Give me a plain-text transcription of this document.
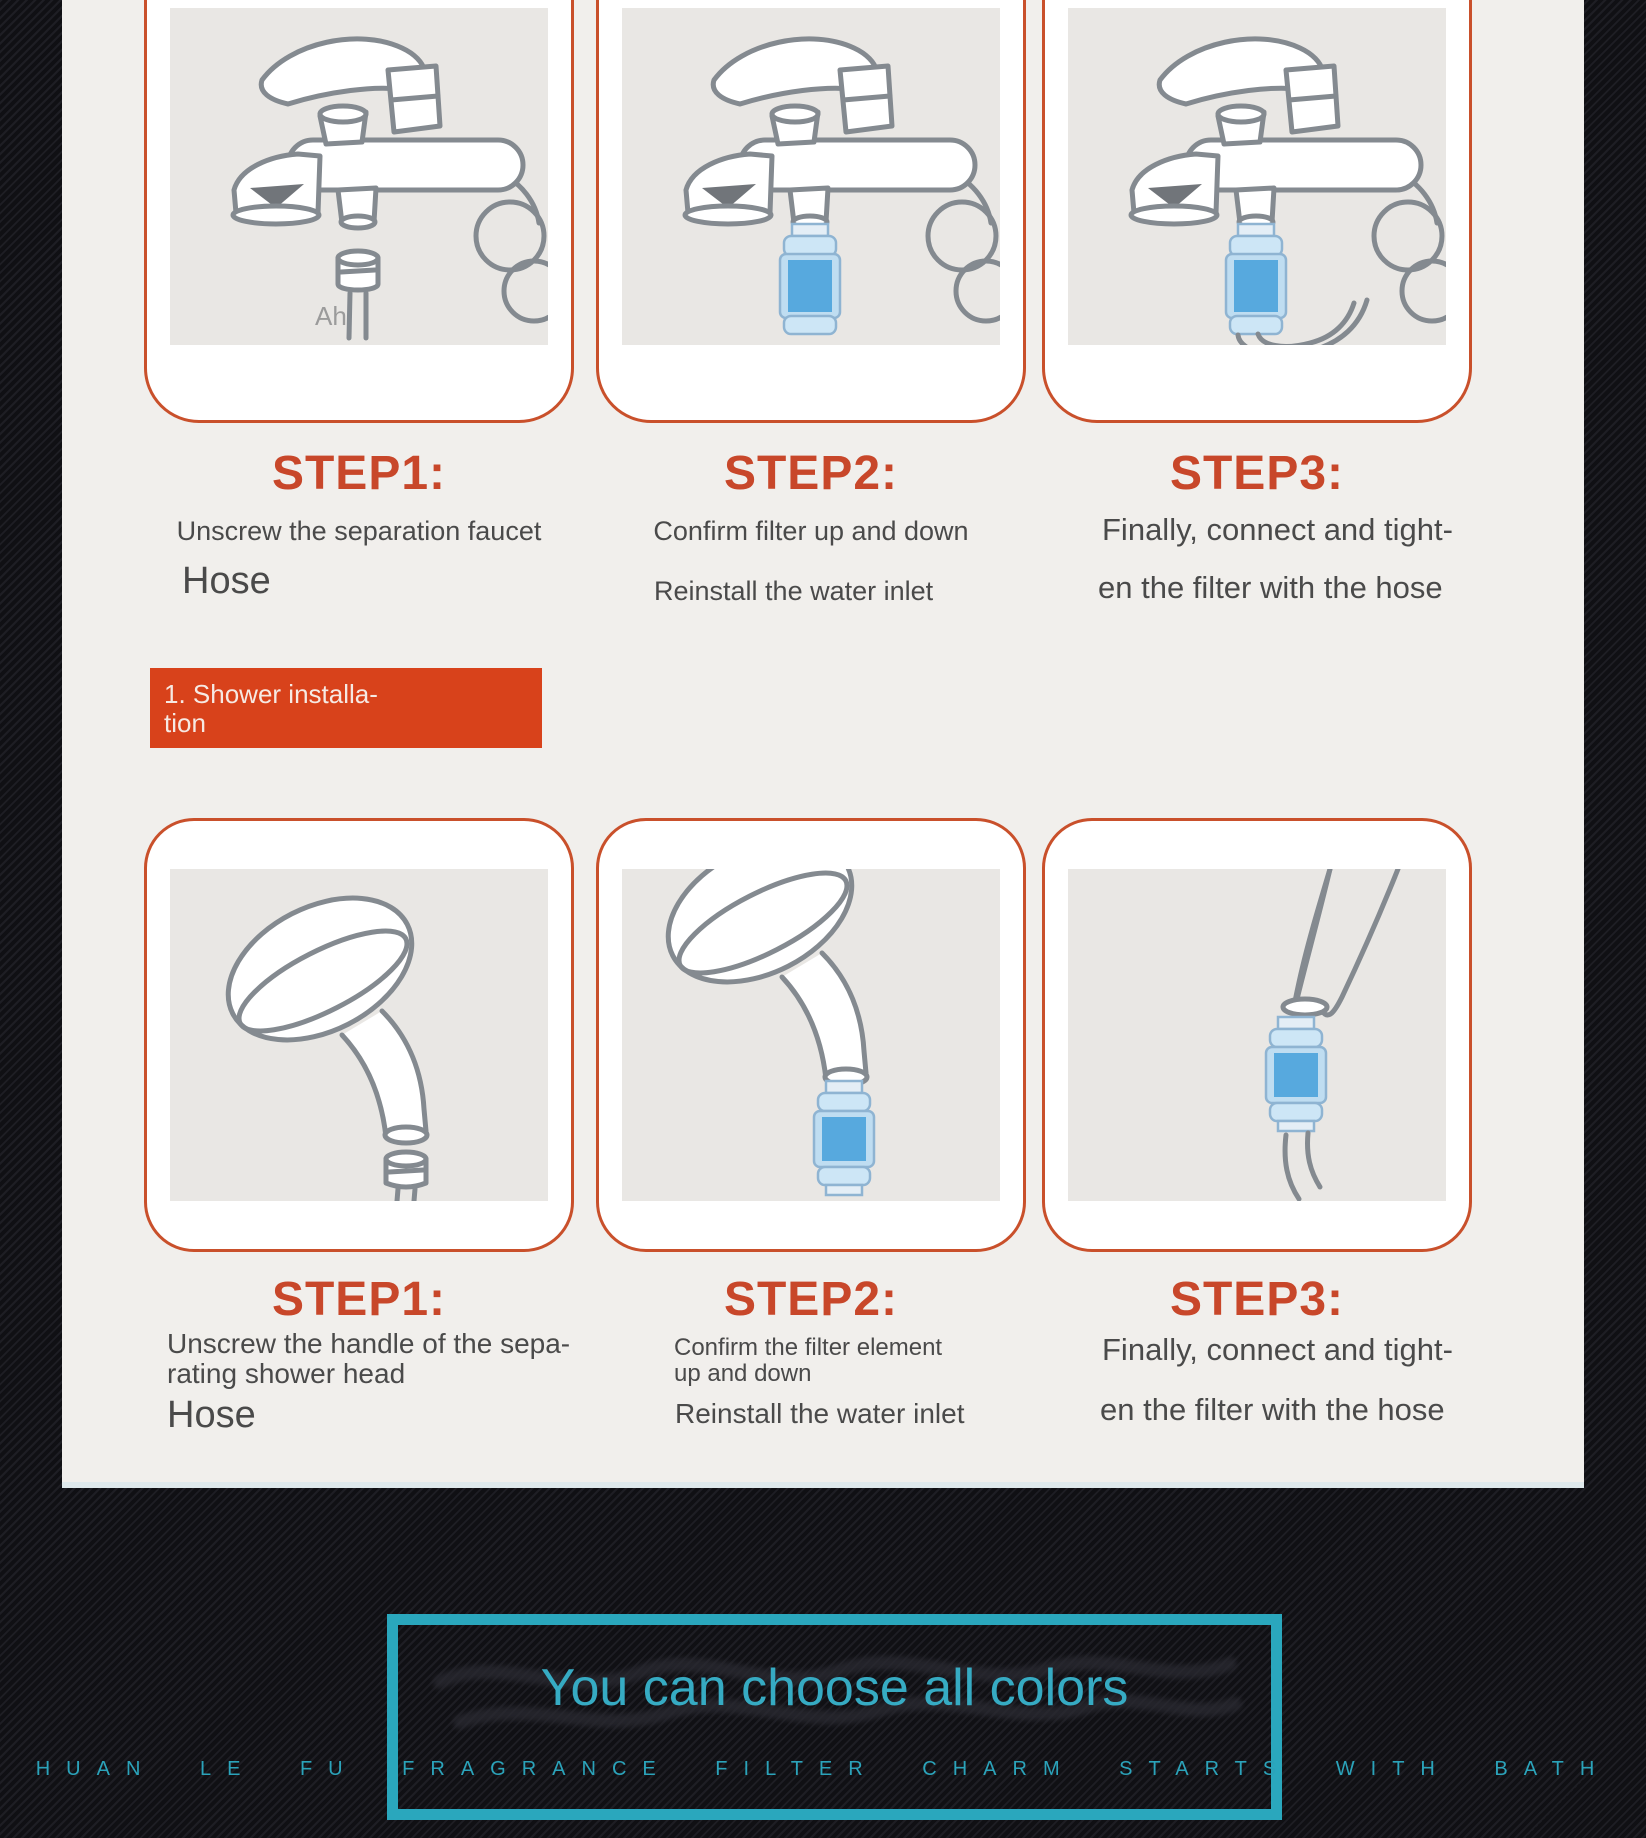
Ah
STEP1:	STEP2:	STEP3:
Unscrew the separation faucet
Hose
Confirm filter up and down
Reinstall the water inlet
Finally, connect and tight-
en the filter with the hose
1. Shower installa-
tion
STEP1:	STEP2:	STEP3:
Unscrew the handle of the sepa-
rating shower head
Hose
Confirm the filter element
up and down
Reinstall the water inlet
Finally, connect and tight-
en the filter with the hose
You can choose all colors
HUAN LE FU FRAGRANCE FILTER CHARM STARTS WITH BATH
